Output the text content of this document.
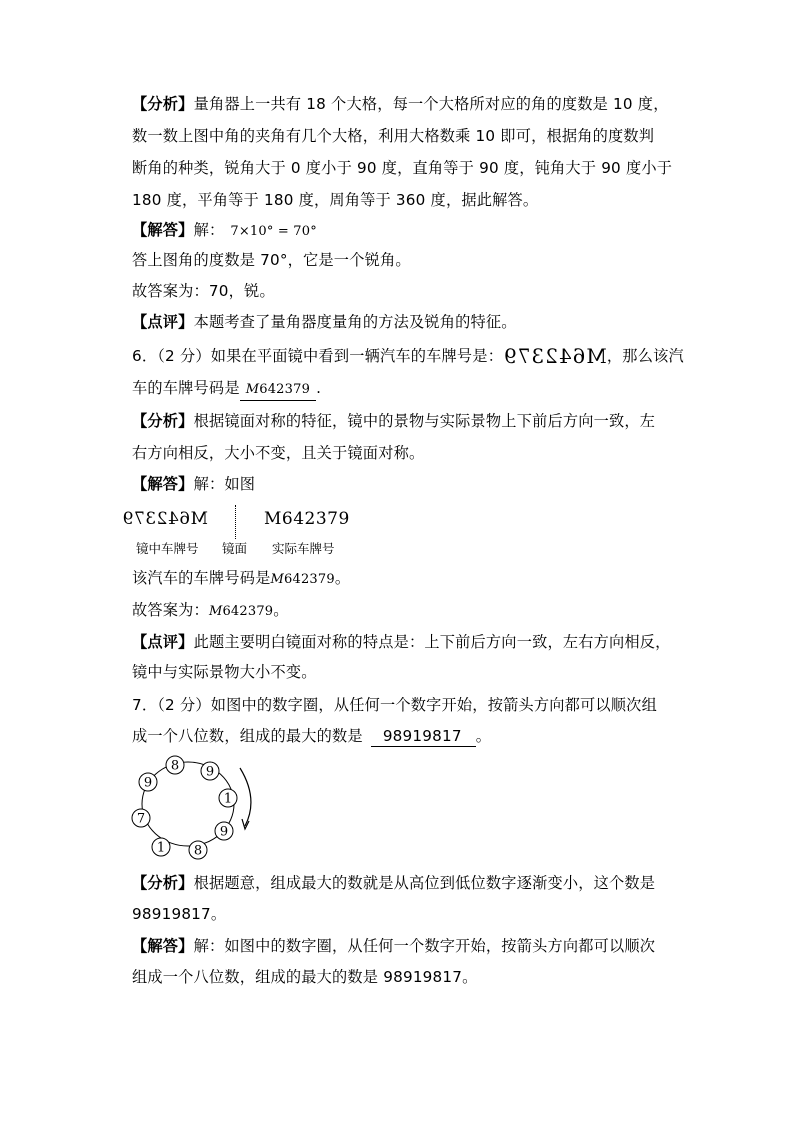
【分析】量角器上一共有 18 个大格，每一个大格所对应的角的度数是 10 度，
数一数上图中角的夹角有几个大格，利用大格数乘 10 即可，根据角的度数判
断角的种类，锐角大于 0 度小于 90 度，直角等于 90 度，钝角大于 90 度小于
180 度，平角等于 180 度，周角等于 360 度，据此解答。
【解答】解： 7×10° = 70°
答上图角的度数是 70°，它是一个锐角。
故答案为：70，锐。
【点评】本题考查了量角器度量角的方法及锐角的特征。
6．（2 分）如果在平面镜中看到一辆汽车的车牌号是：M642379，那么该汽
车的车牌号码是 M642379 .
【分析】根据镜面对称的特征，镜中的景物与实际景物上下前后方向一致，左
右方向相反，大小不变，且关于镜面对称。
【解答】解：如图
M642379	M642379
镜中车牌号 镜面 实际车牌号
该汽车的车牌号码是M642379。
故答案为：M642379。
【点评】此题主要明白镜面对称的特点是：上下前后方向一致，左右方向相反，
镜中与实际景物大小不变。
7．（2 分）如图中的数字圈，从任何一个数字开始，按箭头方向都可以顺次组
成一个八位数，组成的最大的数是 98919817 。
8 9
1
9
8
1
7
9
【分析】根据题意，组成最大的数就是从高位到低位数字逐渐变小，这个数是
98919817。
【解答】解：如图中的数字圈，从任何一个数字开始，按箭头方向都可以顺次
组成一个八位数，组成的最大的数是 98919817。
